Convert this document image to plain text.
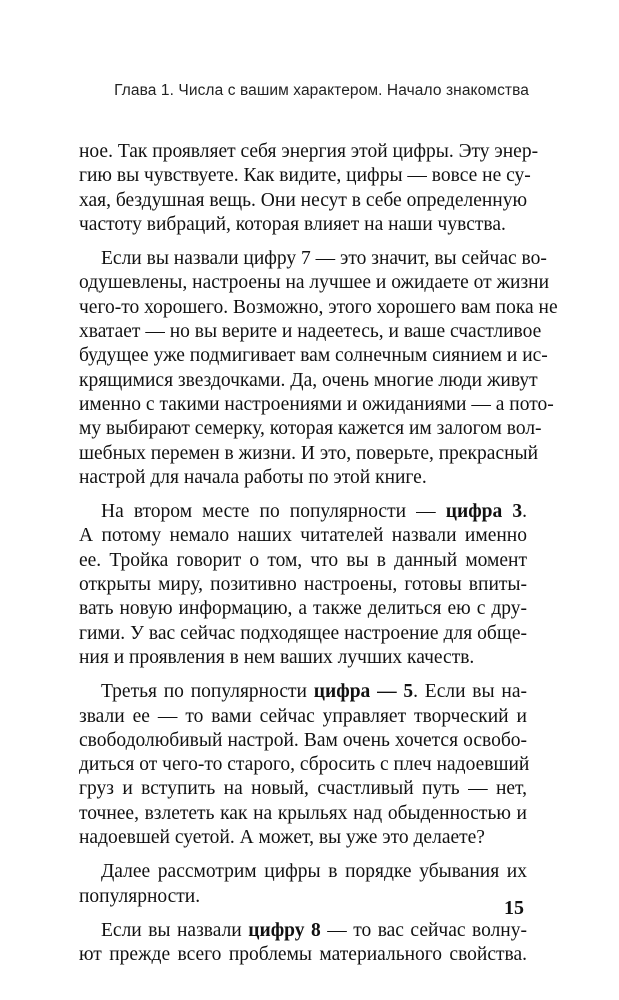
Глава 1. Числа с вашим характером. Начало знакомства
ное. Так проявляет себя энергия этой цифры. Эту энер-
гию вы чувствуете. Как видите, цифры — вовсе не су-
хая, бездушная вещь. Они несут в себе определенную
частоту вибраций, которая влияет на наши чувства.
Если вы назвали цифру 7 — это значит, вы сейчас во-
одушевлены, настроены на лучшее и ожидаете от жизни
чего-то хорошего. Возможно, этого хорошего вам пока не
хватает — но вы верите и надеетесь, и ваше счастливое
будущее уже подмигивает вам солнечным сиянием и ис-
крящимися звездочками. Да, очень многие люди живут
именно с такими настроениями и ожиданиями — а пото-
му выбирают семерку, которая кажется им залогом вол-
шебных перемен в жизни. И это, поверьте, прекрасный
настрой для начала работы по этой книге.
На втором месте по популярности — цифра 3.
А потому немало наших читателей назвали именно
ее. Тройка говорит о том, что вы в данный момент
открыты миру, позитивно настроены, готовы впиты-
вать новую информацию, а также делиться ею с дру-
гими. У вас сейчас подходящее настроение для обще-
ния и проявления в нем ваших лучших качеств.
Третья по популярности цифра — 5. Если вы на-
звали ее — то вами сейчас управляет творческий и
свободолюбивый настрой. Вам очень хочется освобо-
диться от чего-то старого, сбросить с плеч надоевший
груз и вступить на новый, счастливый путь — нет,
точнее, взлететь как на крыльях над обыденностью и
надоевшей суетой. А может, вы уже это делаете?
Далее рассмотрим цифры в порядке убывания их
популярности.
Если вы назвали цифру 8 — то вас сейчас волну-
ют прежде всего проблемы материального свойства.
15
